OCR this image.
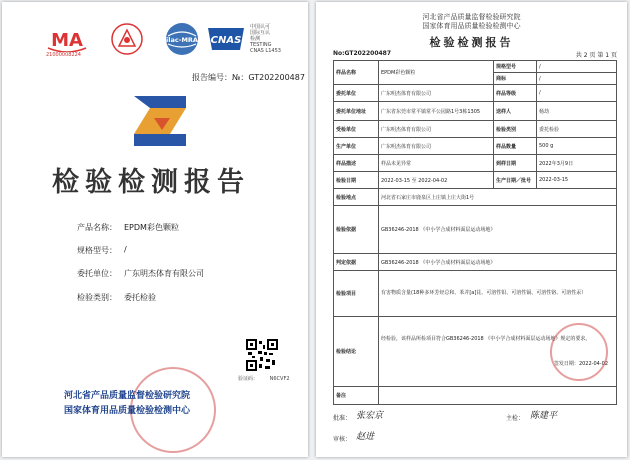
MA
21000008224
ilac-MRA CNAS
中国认可
国际互认
检测
TESTING
CNAS L1453
报告编号：№：GT202200487
检验检测报告
产品名称： EPDM彩色颗粒
规格型号： /
委托单位： 广东明杰体育有限公司
检验类别： 委托检验
验证码： N6CVF2
河北省产品质量监督检验研究院
国家体育用品质量检验检测中心
河北省产品质量监督检验研究院
国家体育用品质量检验检测中心
检验检测报告
No:GT202200487	共 2 页 第 1 页
样品名称	EPDM彩色颗粒	规格型号	/
		商标	/
委托单位	广东明杰体育有限公司	样品等级	/
委托单位地址	广东省东莞市常平镇常平公园路1号3栋1305	送样人	杨劫
受检单位	广东明杰体育有限公司	检验类别	委托检验
生产单位	广东明杰体育有限公司	样品数量	500 g
样品描述	样品未见异常	到样日期	2022年3月9日
检验日期	2022-03-15 至 2022-04-02	生产日期／批号	2022-03-15
检验地点	河北省石家庄市鹿泉区上庄镇上庄大街1号		
检验依据	GB36246-2018 《中小学合成材料面层运动场地》		
判定依据	GB36246-2018 《中小学合成材料面层运动场地》		
检验项目	有害物质含量(18种多环芳烃总和、苯并[a]芘、可溶性铅、可溶性镉、可溶性铬、可溶性汞）		
检验结论	经检验，该样品所检项目符合GB36246-2018 《中小学合成材料面层运动场地》规定的要求。
签发日期：2022-04-02		

备注			
批准： 张宏京
审核： 赵进
主检： 陈建平
